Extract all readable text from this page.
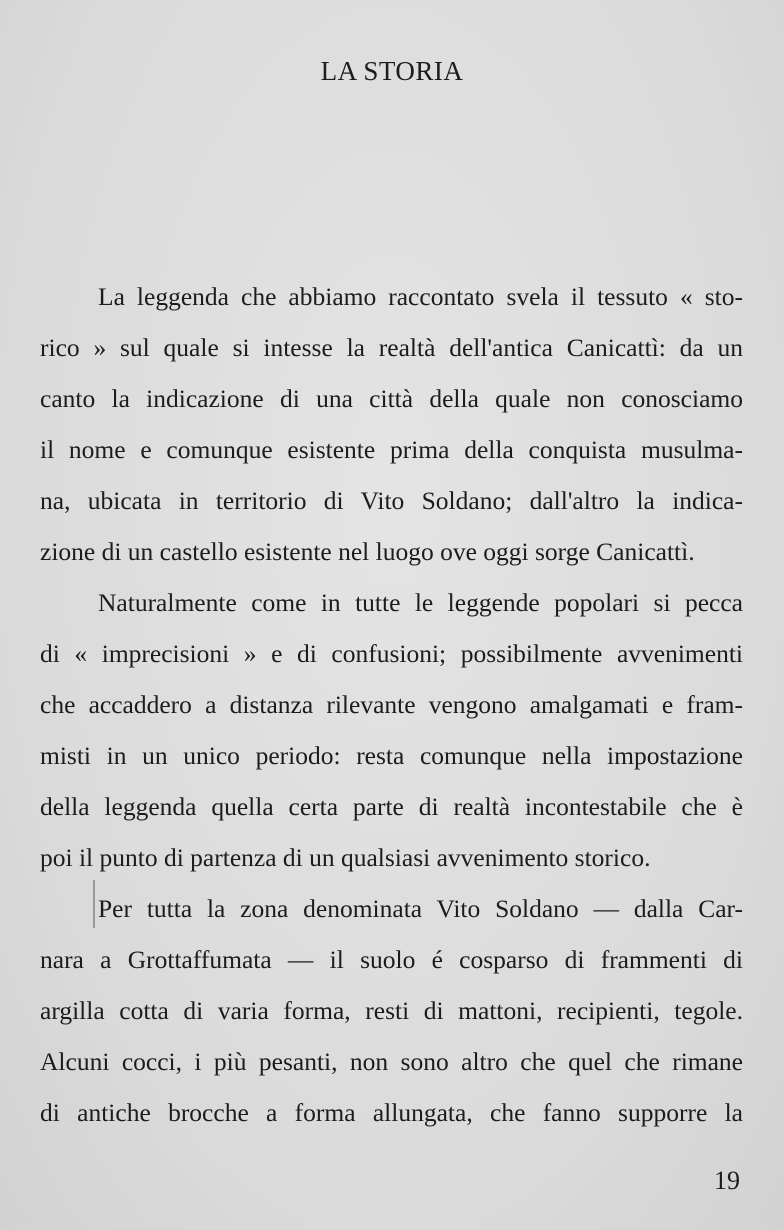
LA STORIA
La leggenda che abbiamo raccontato svela il tessuto « sto-
rico » sul quale si intesse la realtà dell'antica Canicattì: da un
canto la indicazione di una città della quale non conosciamo
il nome e comunque esistente prima della conquista musulma-
na, ubicata in territorio di Vito Soldano; dall'altro la indica-
zione di un castello esistente nel luogo ove oggi sorge Canicattì.
Naturalmente come in tutte le leggende popolari si pecca
di « imprecisioni » e di confusioni; possibilmente avvenimenti
che accaddero a distanza rilevante vengono amalgamati e fram-
misti in un unico periodo: resta comunque nella impostazione
della leggenda quella certa parte di realtà incontestabile che è
poi il punto di partenza di un qualsiasi avvenimento storico.
Per tutta la zona denominata Vito Soldano — dalla Car-
nara a Grottaffumata — il suolo é cosparso di frammenti di
argilla cotta di varia forma, resti di mattoni, recipienti, tegole.
Alcuni cocci, i più pesanti, non sono altro che quel che rimane
di antiche brocche a forma allungata, che fanno supporre la
19
